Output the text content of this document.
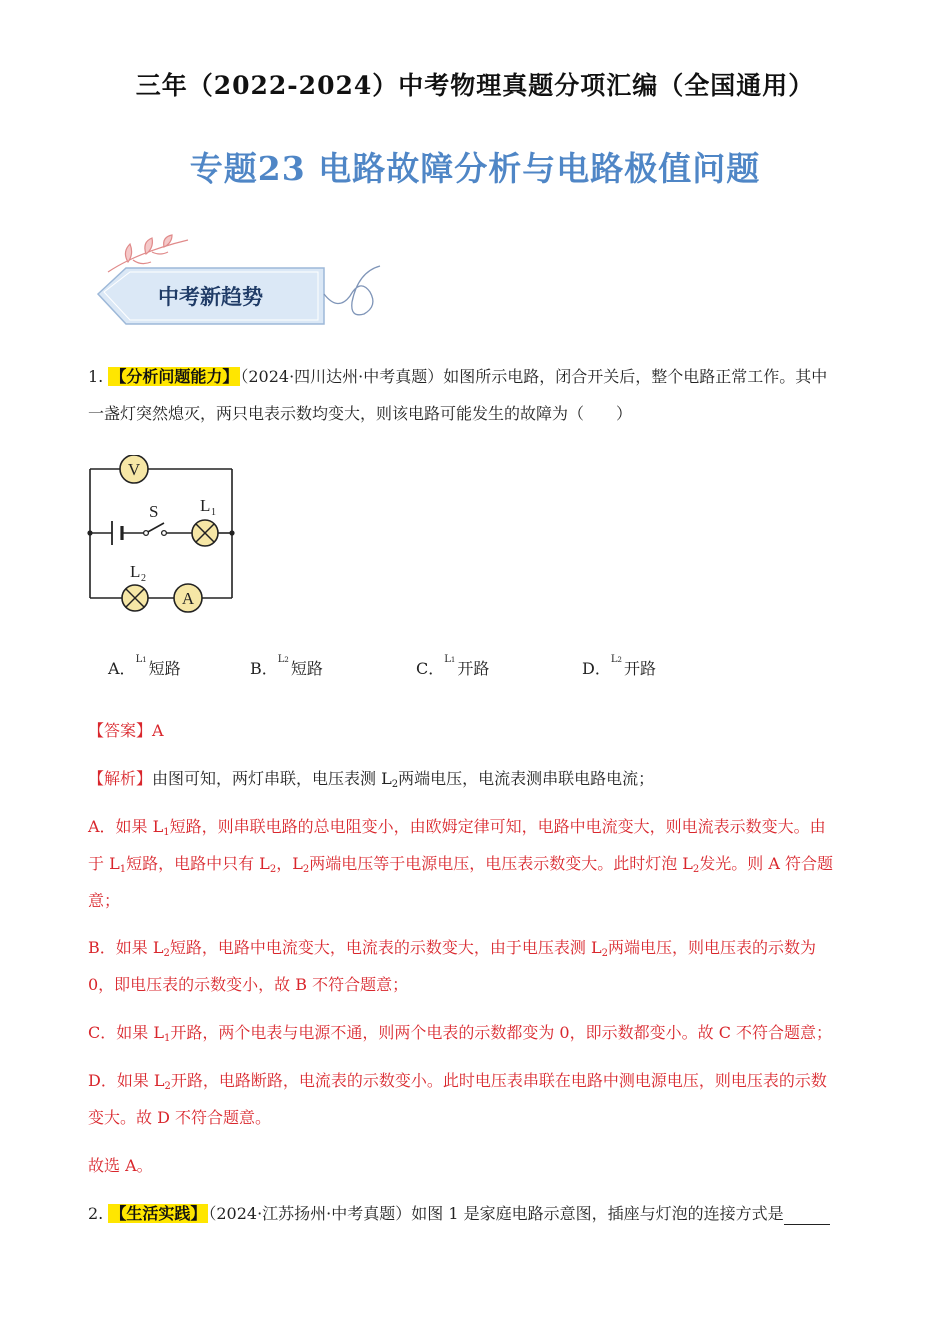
三年（2022-2024）中考物理真题分项汇编（全国通用）
专题23 电路故障分析与电路极值问题
中考新趋势
1. 【分析问题能力】 （2024·四川达州·中考真题）如图所示电路，闭合开关后，整个电路正常工作。其中
一盏灯突然熄灭，两只电表示数均变大，则该电路可能发生的故障为（　　）
V
A
S L 1
L 2
A．$^{L1}$ 短路	B．$^{L2}$ 短路	C．$^{L1}$ 开路	D．$^{L2}$ 开路
【答案】A
【解析】由图可知，两灯串联，电压表测 L2两端电压，电流表测串联电路电流；
A．如果 L1短路，则串联电路的总电阻变小，由欧姆定律可知，电路中电流变大，则电流表示数变大。由
于 L1短路，电路中只有 L2，L2两端电压等于电源电压，电压表示数变大。此时灯泡 L2发光。则 A 符合题
意；
B．如果 L2短路，电路中电流变大，电流表的示数变大，由于电压表测 L2两端电压，则电压表的示数为
0，即电压表的示数变小，故 B 不符合题意；
C．如果 L1开路，两个电表与电源不通，则两个电表的示数都变为 0，即示数都变小。故 C 不符合题意；
D．如果 L2开路，电路断路，电流表的示数变小。此时电压表串联在电路中测电源电压，则电压表的示数
变大。故 D 不符合题意。
故选 A。
2. 【生活实践】 （2024·江苏扬州·中考真题）如图 1 是家庭电路示意图，插座与灯泡的连接方式是
